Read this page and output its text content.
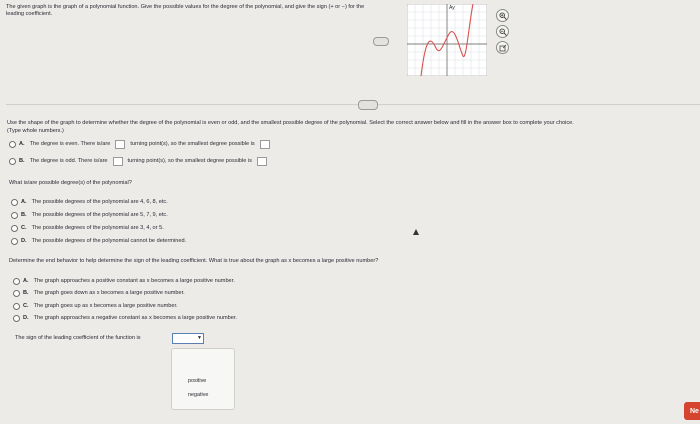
The given graph is the graph of a polynomial function. Give the possible values for the degree of the polynomial, and give the sign (+ or −) for the leading coefficient.
Ay
Use the shape of the graph to determine whether the degree of the polynomial is even or odd, and the smallest possible degree of the polynomial. Select the correct answer below and fill in the answer box to complete your choice.
(Type whole numbers.)
A. The degree is even. There is/are	turning point(s), so the smallest degree possible is
B. The degree is odd. There is/are	turning point(s), so the smallest degree possible is
What is/are possible degree(s) of the polynomial?
A. The possible degrees of the polynomial are 4, 6, 8, etc.
B. The possible degrees of the polynomial are 5, 7, 9, etc.
C. The possible degrees of the polynomial are 3, 4, or 5.
D. The possible degrees of the polynomial cannot be determined.
Determine the end behavior to help determine the sign of the leading coefficient. What is true about the graph as x becomes a large positive number?
A. The graph approaches a positive constant as x becomes a large positive number.
B. The graph goes down as x becomes a large positive number.
C. The graph goes up as x becomes a large positive number.
D. The graph approaches a negative constant as x becomes a large positive number.
The sign of the leading coefficient of the function is	▼
positive
negative
Ne
